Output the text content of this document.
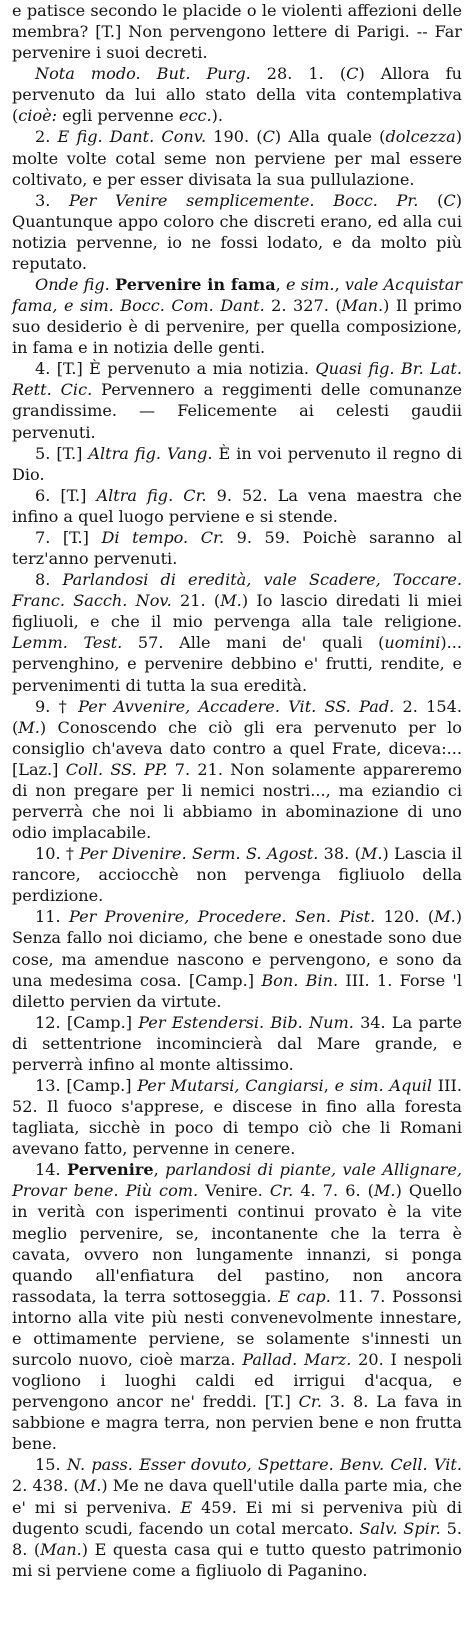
e patisce secondo le placide o le violenti affezioni delle membra? [T.] Non pervengono lettere di Parigi. -- Far pervenire i suoi decreti.

Nota modo. But. Purg. 28. 1. (C) Allora fu pervenuto da lui allo stato della vita contemplativa (cioè: egli pervenne ecc.).

2. E fig. Dant. Conv. 190. (C) Alla quale (dolcezza) molte volte cotal seme non perviene per mal essere coltivato, e per esser divisata la sua pullulazione.

3. Per Venire semplicemente. Bocc. Pr. (C) Quantunque appo coloro che discreti erano, ed alla cui notizia pervenne, io ne fossi lodato, e da molto più reputato.

Onde fig. Pervenire in fama, e sim., vale Acquistar fama, e sim. Bocc. Com. Dant. 2. 327. (Man.) Il primo suo desiderio è di pervenire, per quella composizione, in fama e in notizia delle genti.

4. [T.] È pervenuto a mia notizia. Quasi fig. Br. Lat. Rett. Cic. Pervennero a reggimenti delle comunanze grandissime. — Felicemente ai celesti gaudii pervenuti.

5. [T.] Altra fig. Vang. È in voi pervenuto il regno di Dio.

6. [T.] Altra fig. Cr. 9. 52. La vena maestra che infino a quel luogo perviene e si stende.

7. [T.] Di tempo. Cr. 9. 59. Poichè saranno al terz'anno pervenuti.

8. Parlandosi di eredità, vale Scadere, Toccare. Franc. Sacch. Nov. 21. (M.) Io lascio diredati li miei figliuoli, e che il mio pervenga alla tale religione. Lemm. Test. 57. Alle mani de' quali (uomini)... pervenghino, e pervenire debbino e' frutti, rendite, e pervenimenti di tutta la sua eredità.

9. † Per Avvenire, Accadere. Vit. SS. Pad. 2. 154. (M.) Conoscendo che ciò gli era pervenuto per lo consiglio ch'aveva dato contro a quel Frate, diceva:... [Laz.] Coll. SS. PP. 7. 21. Non solamente appareremo di non pregare per li nemici nostri..., ma eziandio ci perverrà che noi li abbiamo in abominazione di uno odio implacabile.

10. † Per Divenire. Serm. S. Agost. 38. (M.) Lascia il rancore, acciocchè non pervenga figliuolo della perdizione.

11. Per Provenire, Procedere. Sen. Pist. 120. (M.) Senza fallo noi diciamo, che bene e onestade sono due cose, ma amendue nascono e pervengono, e sono da una medesima cosa. [Camp.] Bon. Bin. III. 1. Forse 'l diletto pervien da virtute.

12. [Camp.] Per Estendersi. Bib. Num. 34. La parte di settentrione incomincierà dal Mare grande, e perverrà infino al monte altissimo.

13. [Camp.] Per Mutarsi, Cangiarsi, e sim. Aquil III. 52. Il fuoco s'apprese, e discese in fino alla foresta tagliata, sicchè in poco di tempo ciò che li Romani avevano fatto, pervenne in cenere.

14. Pervenire, parlandosi di piante, vale Allignare, Provar bene. Più com. Venire. Cr. 4. 7. 6. (M.) Quello in verità con isperimenti continui provato è la vite meglio pervenire, se, incontanente che la terra è cavata, ovvero non lungamente innanzi, si ponga quando all'enfiatura del pastino, non ancora rassodata, la terra sottoseggia. E cap. 11. 7. Possonsi intorno alla vite più nesti convenevolmente innestare, e ottimamente perviene, se solamente s'innesti un surcolo nuovo, cioè marza. Pallad. Marz. 20. I nespoli vogliono i luoghi caldi ed irrigui d'acqua, e pervengono ancor ne' freddi. [T.] Cr. 3. 8. La fava in sabbione e magra terra, non pervien bene e non frutta bene.

15. N. pass. Esser dovuto, Spettare. Benv. Cell. Vit. 2. 438. (M.) Me ne dava quell'utile dalla parte mia, che e' mi si perveniva. E 459. Ei mi si perveniva più di dugento scudi, facendo un cotal mercato. Salv. Spir. 5. 8. (Man.) E questa casa qui e tutto questo patrimonio mi si perviene come a figliuolo di Paganino.
